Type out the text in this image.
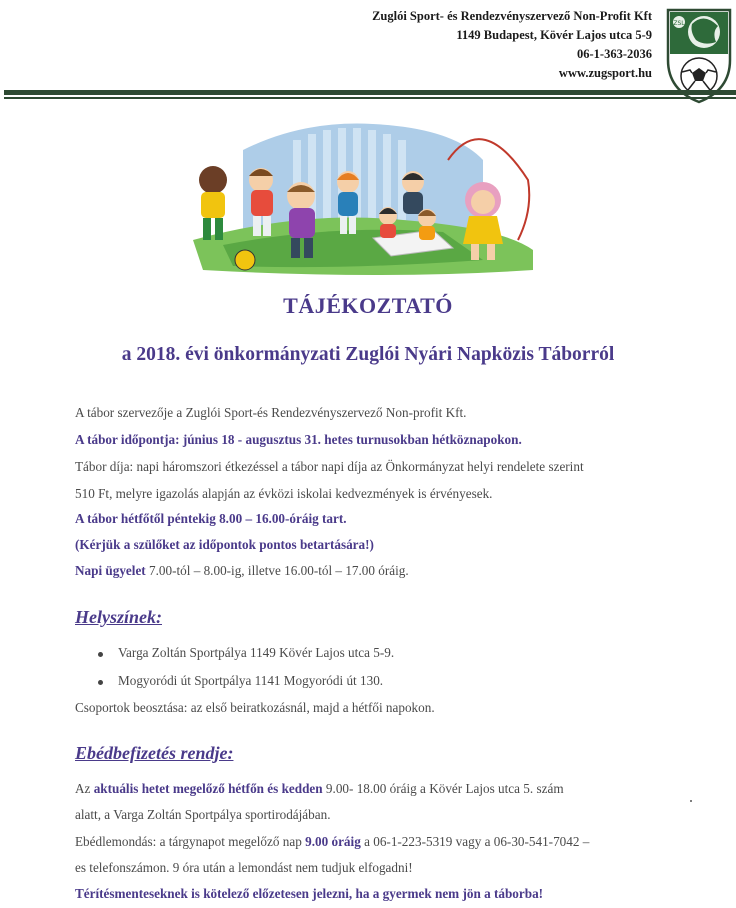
Zuglói Sport- és Rendezvényszervező Non-Profit Kft
1149 Budapest, Kövér Lajos utca 5-9
06-1-363-2036
www.zugsport.hu
ZSL
TÁJÉKOZTATÓ
a 2018. évi önkormányzati Zuglói Nyári Napközis Táborról
A tábor szervezője a Zuglói Sport-és Rendezvényszervező Non-profit Kft.
A tábor időpontja: június 18 - augusztus 31. hetes turnusokban hétköznapokon.
Tábor díja: napi háromszori étkezéssel a tábor napi díja az Önkormányzat helyi rendelete szerint
510 Ft, melyre igazolás alapján az évközi iskolai kedvezmények is érvényesek.
A tábor hétfőtől péntekig 8.00 – 16.00-óráig tart.
(Kérjük a szülőket az időpontok pontos betartására!)
Napi ügyelet 7.00-tól – 8.00-ig, illetve 16.00-tól – 17.00 óráig.
Helyszínek:
Varga Zoltán Sportpálya 1149 Kövér Lajos utca 5-9.
Mogyoródi út Sportpálya 1141 Mogyoródi út 130.
Csoportok beosztása: az első beiratkozásnál, majd a hétfői napokon.
Ebédbefizetés rendje:
Az aktuális hetet megelőző hétfőn és kedden 9.00- 18.00 óráig a Kövér Lajos utca 5. szám
alatt, a Varga Zoltán Sportpálya sportirodájában.
Ebédlemondás: a tárgynapot megelőző nap 9.00 óráig a 06-1-223-5319 vagy a 06-30-541-7042 –
es telefonszámon. 9 óra után a lemondást nem tudjuk elfogadni!
Térítésmenteseknek is kötelező előzetesen jelezni, ha a gyermek nem jön a táborba!
